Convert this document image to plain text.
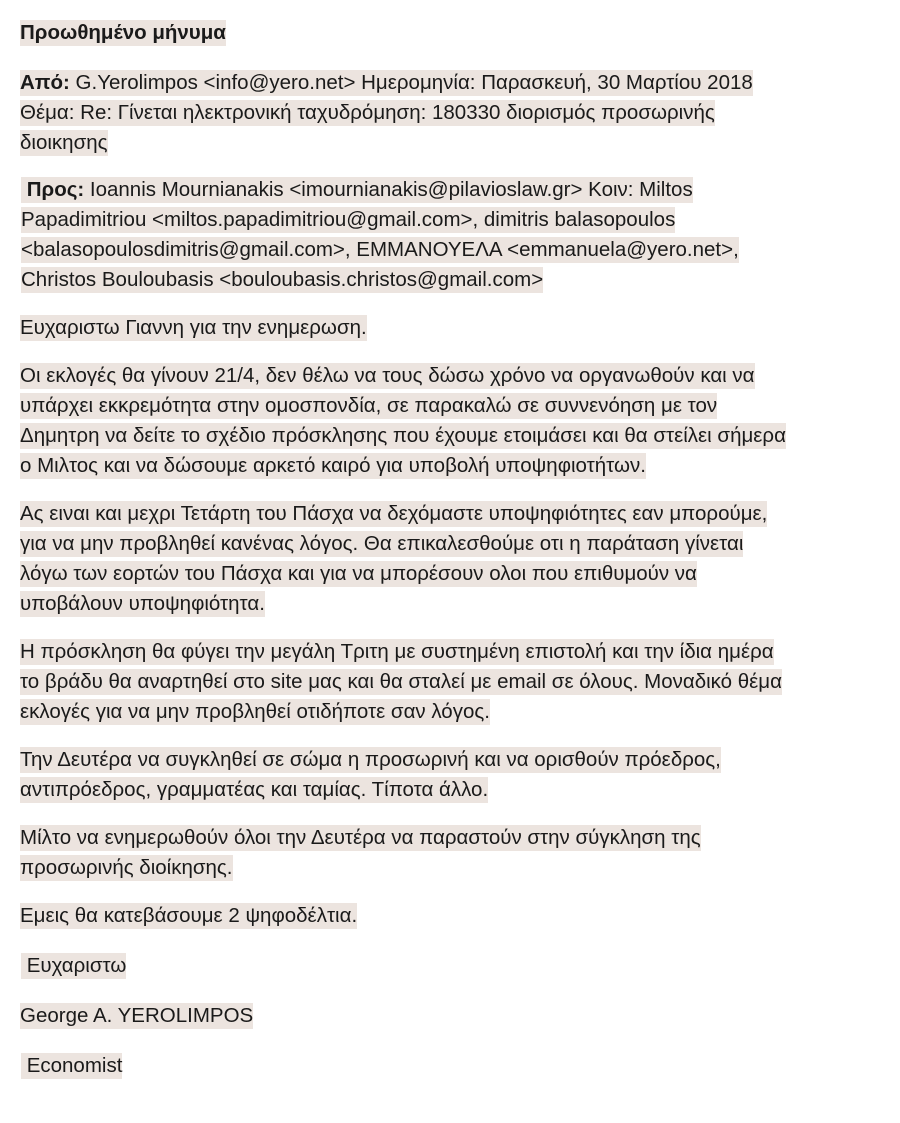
Προωθημένο μήνυμα

Από: G.Yerolimpos <info@yero.net> Ημερομηνία: Παρασκευή, 30 Μαρτίου 2018
Θέμα: Re: Γίνεται ηλεκτρονική ταχυδρόμηση: 180330 διορισμός προσωρινής
διοικησης

Προς: Ioannis Mournianakis <imournianakis@pilavioslaw.gr> Κοιν: Miltos
Papadimitriou <miltos.papadimitriou@gmail.com>, dimitris balasopoulos
<balasopoulosdimitris@gmail.com>, ΕΜΜΑΝΟΥΕΛΑ <emmanuela@yero.net>,
Christos Bouloubasis <bouloubasis.christos@gmail.com>

Ευχαριστω Γιαννη για την ενημερωση.

Οι εκλογές θα γίνουν 21/4, δεν θέλω να τους δώσω χρόνο να οργανωθούν και να
υπάρχει εκκρεμότητα στην ομοσπονδία, σε παρακαλώ σε συννενόηση με τον
Δημητρη να δείτε το σχέδιο πρόσκλησης που έχουμε ετοιμάσει και θα στείλει σήμερα
ο Μιλτος και να δώσουμε αρκετό καιρό για υποβολή υποψηφιοτήτων.

Ας ειναι και μεχρι Τετάρτη του Πάσχα να δεχόμαστε υποψηφιότητες εαν μπορούμε,
για να μην προβληθεί κανένας λόγος. Θα επικαλεσθούμε οτι η παράταση γίνεται
λόγω των εορτών του Πάσχα και για να μπορέσουν ολοι που επιθυμούν να
υποβάλουν υποψηφιότητα.

Η πρόσκληση θα φύγει την μεγάλη Τριτη με συστημένη επιστολή και την ίδια ημέρα
το βράδυ θα αναρτηθεί στο site μας και θα σταλεί με email σε όλους. Μοναδικό θέμα
εκλογές για να μην προβληθεί οτιδήποτε σαν λόγος.

Την Δευτέρα να συγκληθεί σε σώμα η προσωρινή και να ορισθούν πρόεδρος,
αντιπρόεδρος, γραμματέας και ταμίας. Τίποτα άλλο.

Μίλτο να ενημερωθούν όλοι την Δευτέρα να παραστούν στην σύγκληση της
προσωρινής διοίκησης.

Εμεις θα κατεβάσουμε 2 ψηφοδέλτια.

Ευχαριστω

George A. YEROLIMPOS

Economist
